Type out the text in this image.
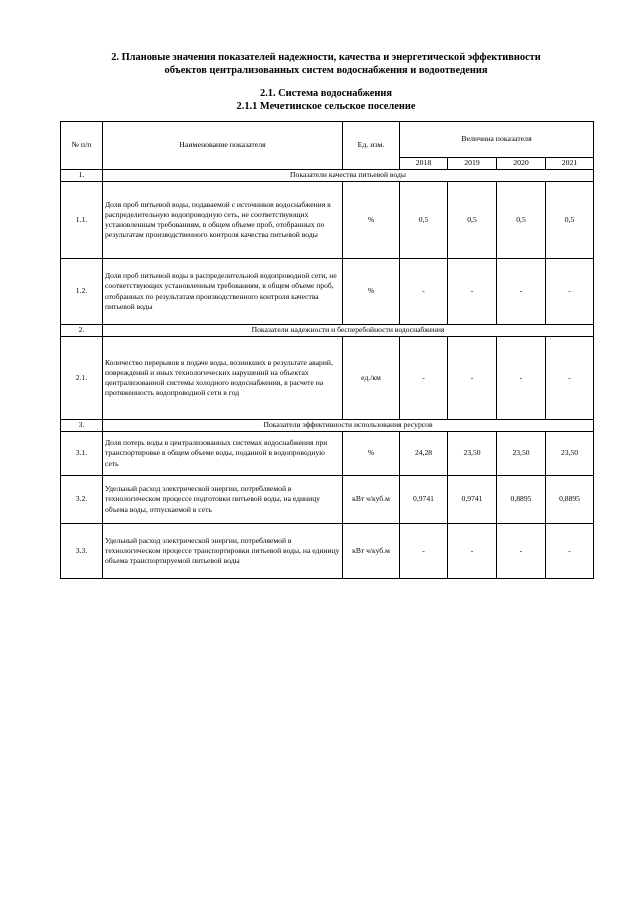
2. Плановые значения показателей надежности, качества и энергетической эффективности
объектов централизованных систем водоснабжения и водоотведения
2.1. Система водоснабжения
2.1.1 Мечетинское сельское поселение
№ п/п	Наименование показателя	Ед. изм.	Величина показателя			
			2018	2019	2020	2021
1.	Показатели качества питьевой воды					
1.1.	Доля проб питьевой воды, подаваемой с источников водоснабжения в распределительную водопроводную сеть, не соответствующих установленным требованиям, в общем объеме проб, отобранных по результатам производственного контроля качества питьевой воды	%	0,5	0,5	0,5	0,5
1.2.	Доля проб питьевой воды в распределительной водопроводной сети, не соответствующих установленным требованиям, в общем объеме проб, отобранных по результатам производственного контроля качества питьевой воды	%	-	-	-	-
2.	Показатели надежности и бесперебойности водоснабжения					
2.1.	Количество перерывов в подаче воды, возникших в результате аварий, повреждений и иных технологических нарушений на объектах централизованной системы холодного водоснабжения, в расчете на протяженность водопроводной сети в год	ед./км	-	-	-	-
3.	Показатели эффективности использования ресурсов					
3.1.	Доля потерь воды в централизованных системах водоснабжения при транспортировке в общем объеме воды, поданной в водопроводную сеть	%	24,28	23,50	23,50	23,50
3.2.	Удельный расход электрической энергии, потребляемой в технологическом процессе подготовки питьевой воды, на единицу объема воды, отпускаемой в сеть	кВт ч/куб.м	0,9741	0,9741	0,8895	0,8895
3.3.	Удельный расход электрической энергии, потребляемой в технологическом процессе транспортировки питьевой воды, на единицу объема транспортируемой питьевой воды	кВт ч/куб.м	-	-	-	-
